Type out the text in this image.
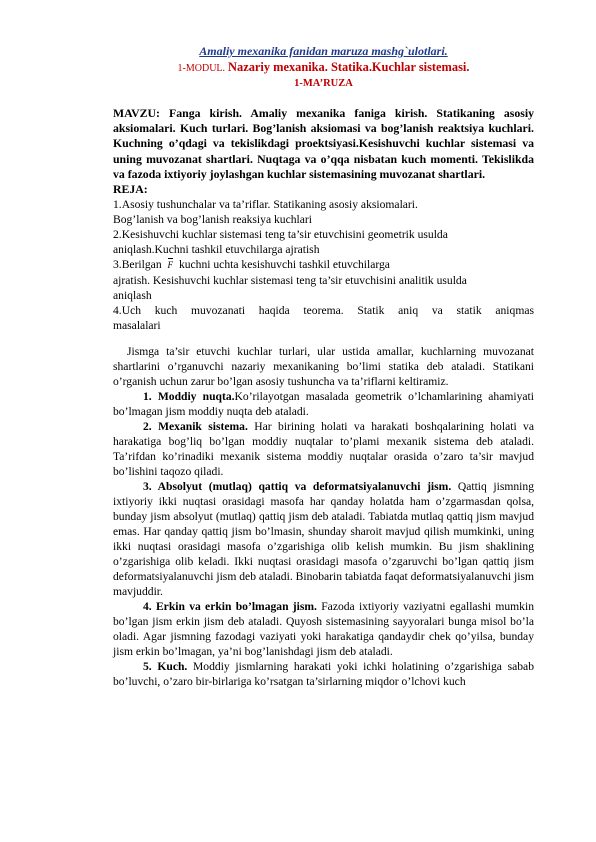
Amaliy mexanika fanidan maruza mashg`ulotlari.
1-MODUL. Nazariy mexanika. Statika.Kuchlar sistemasi.
1-MA’RUZA
MAVZU: Fanga kirish. Amaliy mexanika faniga kirish. Statikaning asosiy aksiomalari. Kuch turlari. Bog’lanish aksiomasi va bog’lanish reaktsiya kuchlari. Kuchning o’qdagi va tekislikdagi proektsiyasi.Kesishuvchi kuchlar sistemasi va uning muvozanat shartlari. Nuqtaga va o’qqa nisbatan kuch momenti. Tekislikda va fazoda ixtiyoriy joylashgan kuchlar sistemasining muvozanat shartlari.
REJA:
1.Asosiy tushunchalar va ta’riflar. Statikaning asosiy aksiomalari.
Bog’lanish va bog’lanish reaksiya kuchlari
2.Kesishuvchi kuchlar sistemasi teng ta’sir etuvchisini geometrik usulda
aniqlash.Kuchni tashkil etuvchilarga ajratish
3.Berilgan F kuchni uchta kesishuvchi tashkil etuvchilarga
ajratish. Kesishuvchi kuchlar sistemasi teng ta’sir etuvchisini analitik usulda
aniqlash
4.Uch kuch muvozanati haqida teorema. Statik aniq va statik aniqmas
masalalari
Jismga ta’sir etuvchi kuchlar turlari, ular ustida amallar, kuchlarning muvozanat shartlarini o’rganuvchi nazariy mexanikaning bo’limi statika deb ataladi. Statikani o’rganish uchun zarur bo’lgan asosiy tushuncha va ta’riflarni keltiramiz.
1. Moddiy nuqta.Ko’rilayotgan masalada geometrik o’lchamlarining ahamiyati bo’lmagan jism moddiy nuqta deb ataladi.
2. Mexanik sistema. Har birining holati va harakati boshqalarining holati va harakatiga bog’liq bo’lgan moddiy nuqtalar to’plami mexanik sistema deb ataladi. Ta’rifdan ko’rinadiki mexanik sistema moddiy nuqtalar orasida o’zaro ta’sir mavjud bo’lishini taqozo qiladi.
3. Absolyut (mutlaq) qattiq va deformatsiyalanuvchi jism. Qattiq jismning ixtiyoriy ikki nuqtasi orasidagi masofa har qanday holatda ham o’zgarmasdan qolsa, bunday jism absolyut (mutlaq) qattiq jism deb ataladi. Tabiatda mutlaq qattiq jism mavjud emas. Har qanday qattiq jism bo’lmasin, shunday sharoit mavjud qilish mumkinki, uning ikki nuqtasi orasidagi masofa o’zgarishiga olib kelish mumkin. Bu jism shaklining o’zgarishiga olib keladi. Ikki nuqtasi orasidagi masofa o’zgaruvchi bo’lgan qattiq jism deformatsiyalanuvchi jism deb ataladi. Binobarin tabiatda faqat deformatsiyalanuvchi jism mavjuddir.
4. Erkin va erkin bo’lmagan jism. Fazoda ixtiyoriy vaziyatni egallashi mumkin bo’lgan jism erkin jism deb ataladi. Quyosh sistemasining sayyoralari bunga misol bo’la oladi. Agar jismning fazodagi vaziyati yoki harakatiga qandaydir chek qo’yilsa, bunday jism erkin bo’lmagan, ya’ni bog’lanishdagi jism deb ataladi.
5. Kuch. Moddiy jismlarning harakati yoki ichki holatining o’zgarishiga sabab bo’luvchi, o’zaro bir-birlariga ko’rsatgan ta’sirlarning miqdor o’lchovi kuch
